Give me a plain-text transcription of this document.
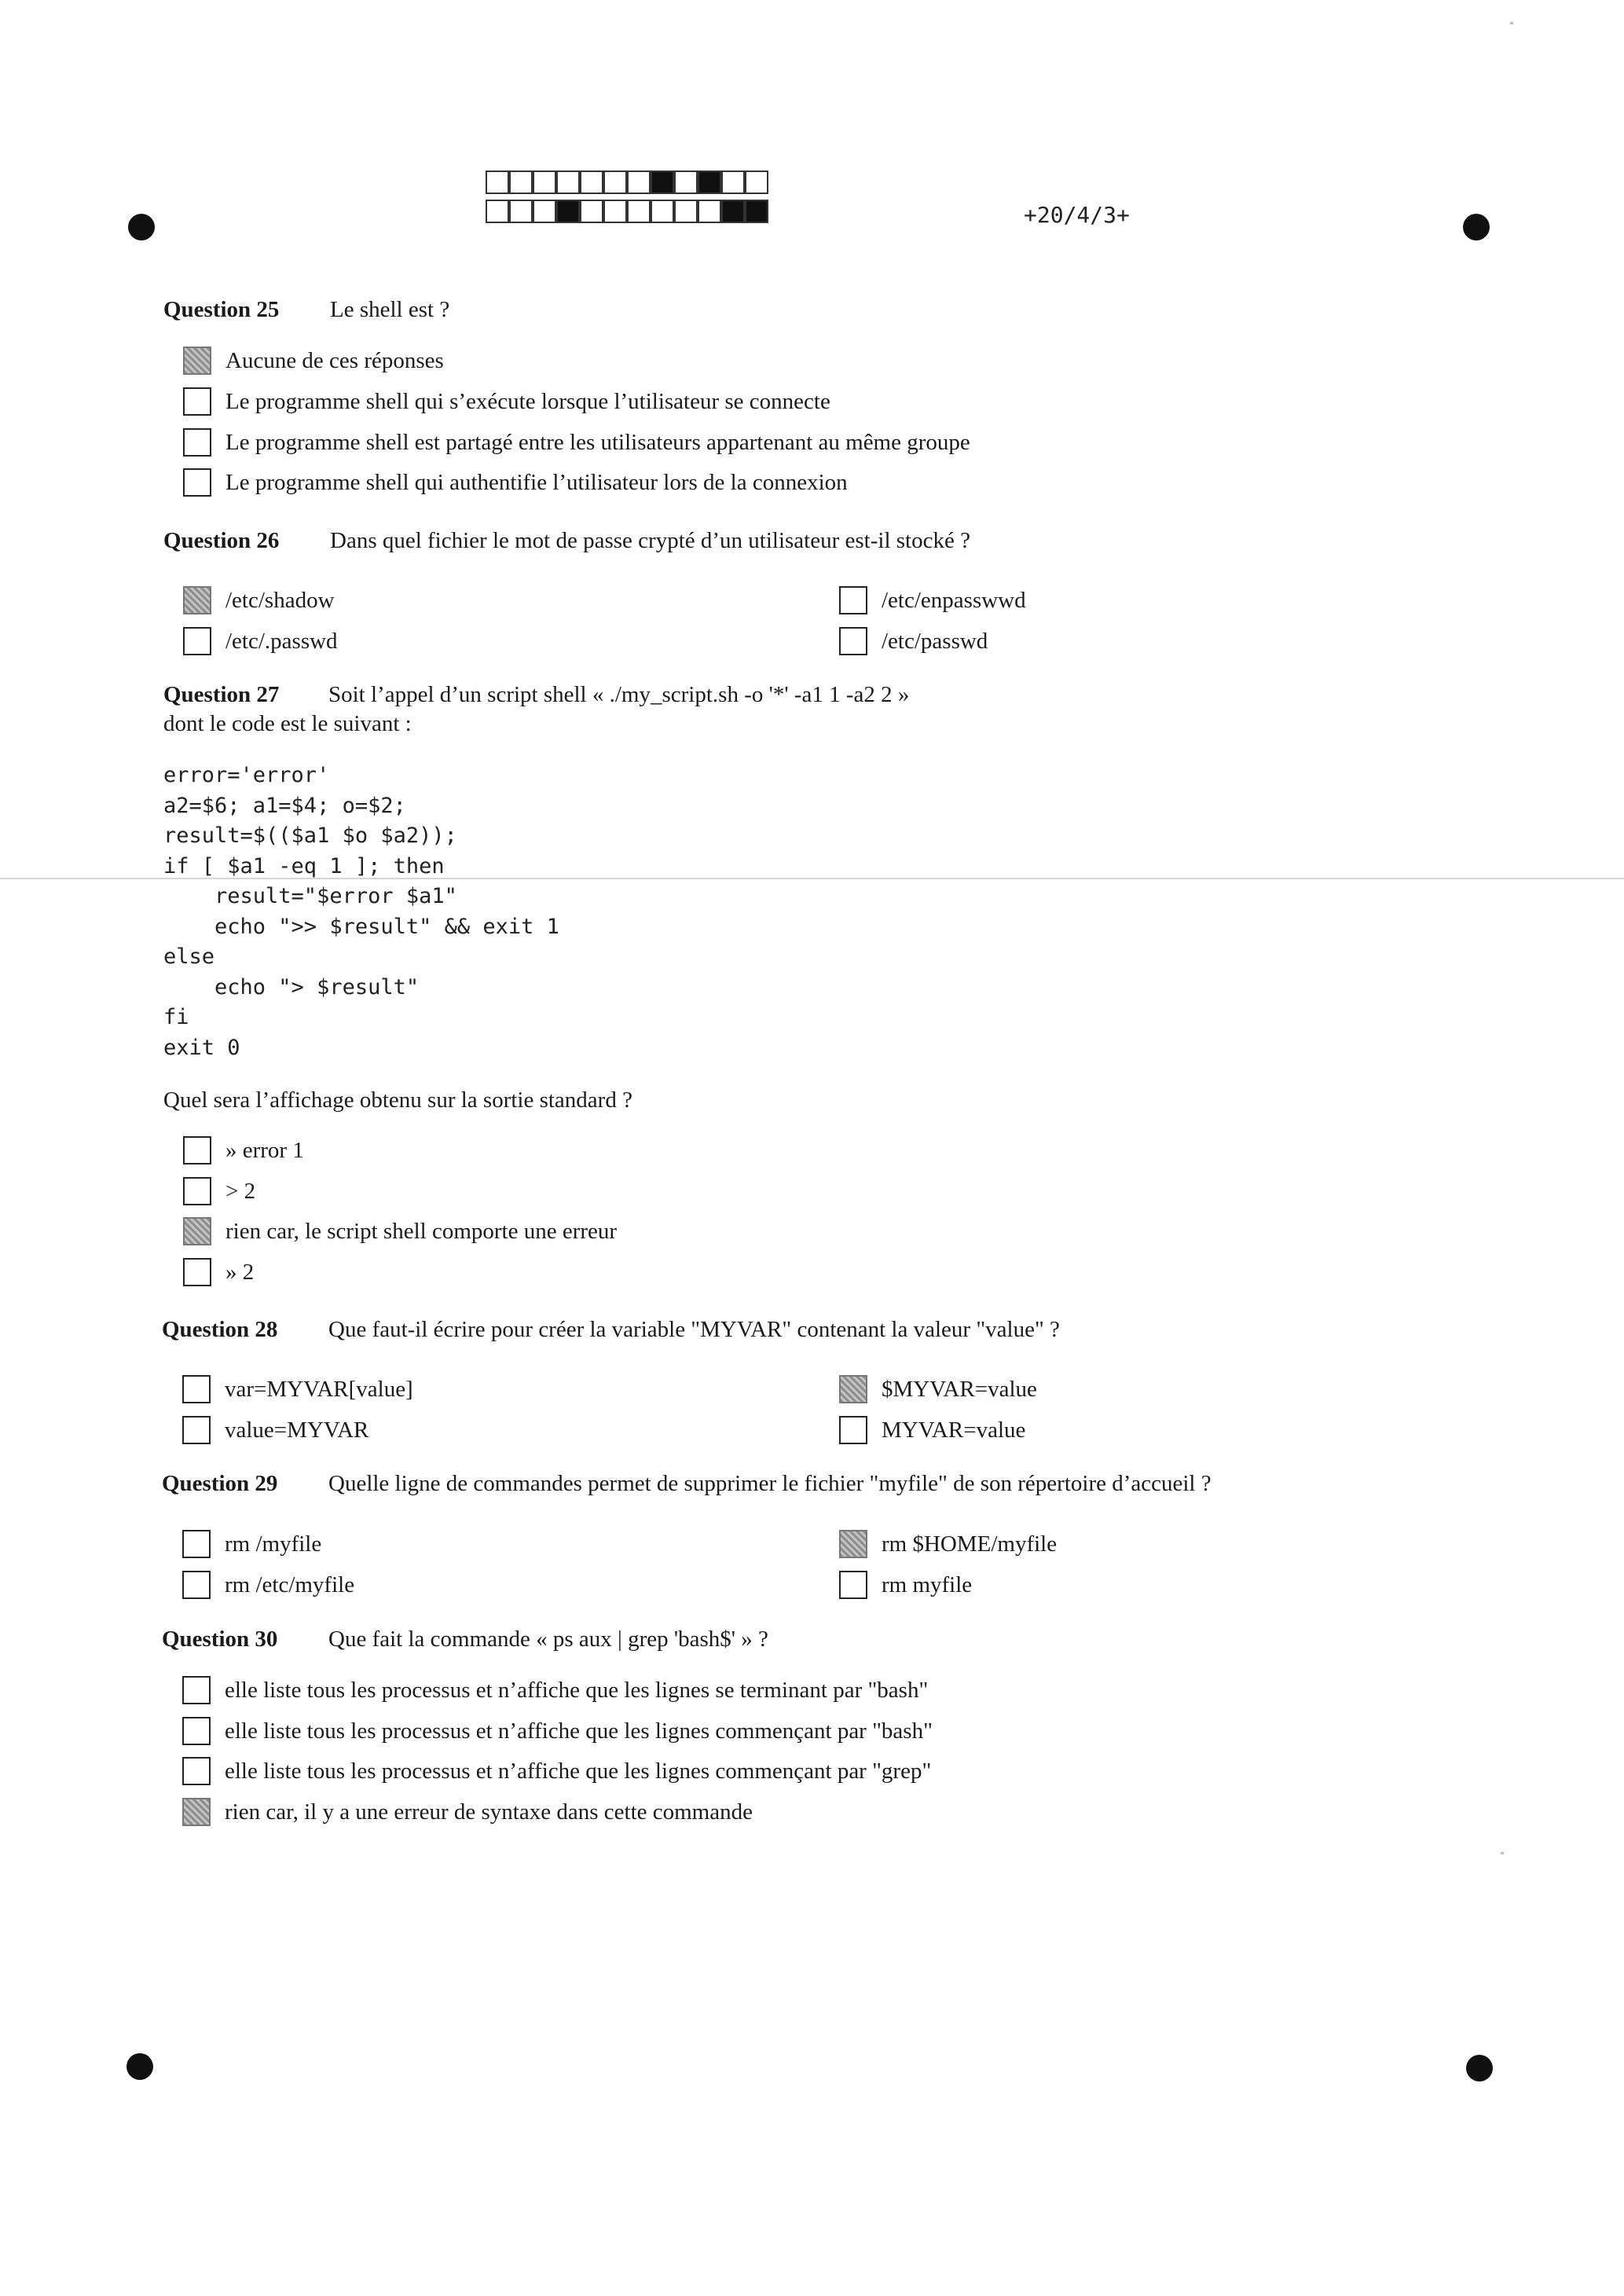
+20/4/3+
Question 25	Le shell est ?
Aucune de ces réponses
Le programme shell qui s’exécute lorsque l’utilisateur se connecte
Le programme shell est partagé entre les utilisateurs appartenant au même groupe
Le programme shell qui authentifie l’utilisateur lors de la connexion
Question 26	Dans quel fichier le mot de passe crypté d’un utilisateur est-il stocké ?
/etc/shadow	/etc/enpasswwd
/etc/.passwd	/etc/passwd
Question 27	Soit l’appel d’un script shell « ./my_script.sh -o '*' -a1 1 -a2 2 »
dont le code est le suivant :
error='error'
a2=$6; a1=$4; o=$2;
result=$(($a1 $o $a2));
if [ $a1 -eq 1 ]; then
result="$error $a1"
echo ">> $result" && exit 1
else
echo "> $result"
fi
exit 0
Quel sera l’affichage obtenu sur la sortie standard ?
» error 1
> 2
rien car, le script shell comporte une erreur
» 2
Question 28	Que faut-il écrire pour créer la variable "MYVAR" contenant la valeur "value" ?
var=MYVAR[value]	$MYVAR=value
value=MYVAR	MYVAR=value
Question 29	Quelle ligne de commandes permet de supprimer le fichier "myfile" de son répertoire d’accueil ?
rm /myfile	rm $HOME/myfile
rm /etc/myfile	rm myfile
Question 30	Que fait la commande « ps aux | grep 'bash$' » ?
elle liste tous les processus et n’affiche que les lignes se terminant par "bash"
elle liste tous les processus et n’affiche que les lignes commençant par "bash"
elle liste tous les processus et n’affiche que les lignes commençant par "grep"
rien car, il y a une erreur de syntaxe dans cette commande
